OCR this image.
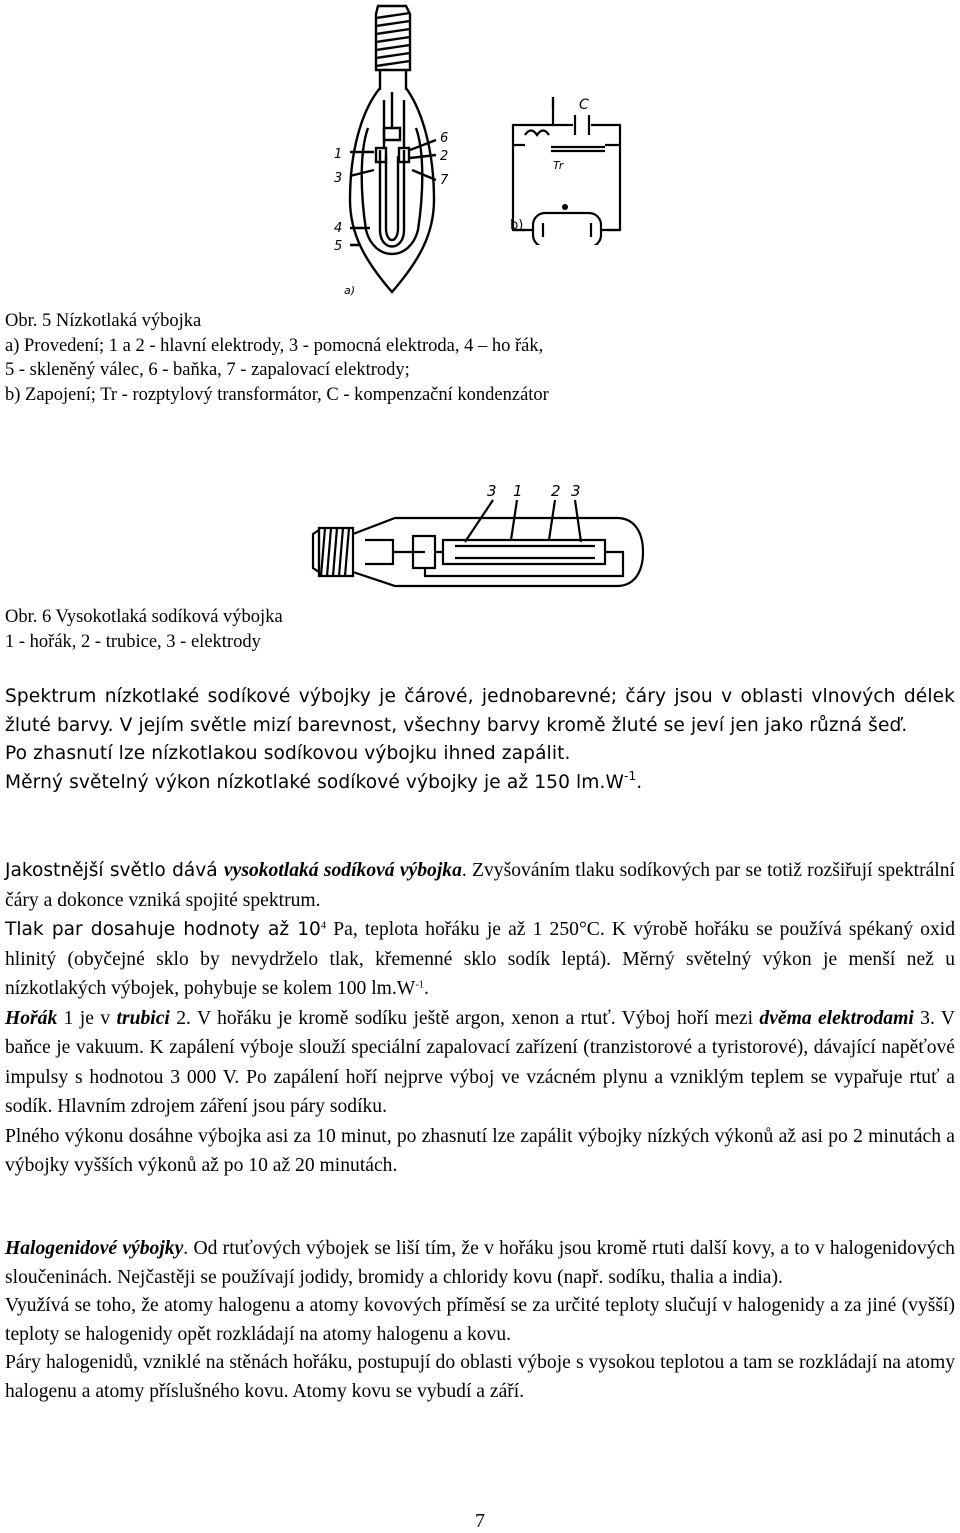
1
3
4
5
6
2
7
a)
C
Tr
b)
Obr. 5 Nízkotlaká výbojka
a) Provedení; 1 a 2 - hlavní elektrody, 3 - pomocná elektroda, 4 – ho řák,
5 - skleněný válec, 6 - baňka, 7 - zapalovací elektrody;
b) Zapojení; Tr - rozptylový transformátor, C - kompenzační kondenzátor
3 1 2 3
Obr. 6 Vysokotlaká sodíková výbojka
1 - hořák, 2 - trubice, 3 - elektrody

Spektrum nízkotlaké sodíkové výbojky je čárové, jednobarevné; čáry jsou v oblasti vlnových délek žluté barvy. V jejím světle mizí barevnost, všechny barvy kromě žluté se jeví jen jako různá šeď.

Po zhasnutí lze nízkotlakou sodíkovou výbojku ihned zapálit.

Měrný světelný výkon nízkotlaké sodíkové výbojky je až 150 $lm.W^{-1}$.

Jakostnější světlo dává vysokotlaká sodíková výbojka. Zvyšováním tlaku sodíkových par se totiž rozšiřují spektrální čáry a dokonce vzniká spojité spektrum.

Tlak par dosahuje hodnoty až $10^4$ Pa, teplota hořáku je až 1 250°C. K výrobě hořáku se používá spékaný oxid hlinitý (obyčejné sklo by nevydrželo tlak, křemenné sklo sodík leptá). Měrný světelný výkon je menší než u nízkotlakých výbojek, pohybuje se kolem 100 $lm.W^{-1}$.

Hořák 1 je v trubici 2. V hořáku je kromě sodíku ještě argon, xenon a rtuť. Výboj hoří mezi dvěma elektrodami 3. V baňce je vakuum. K zapálení výboje slouží speciální zapalovací zařízení (tranzistorové a tyristorové), dávající napěťové impulsy s hodnotou 3 000 V. Po zapálení hoří nejprve výboj ve vzácném plynu a vzniklým teplem se vypařuje rtuť a sodík. Hlavním zdrojem záření jsou páry sodíku.

Plného výkonu dosáhne výbojka asi za 10 minut, po zhasnutí lze zapálit výbojky nízkých výkonů až asi po 2 minutách a výbojky vyšších výkonů až po 10 až 20 minutách.

Halogenidové výbojky. Od rtuťových výbojek se liší tím, že v hořáku jsou kromě rtuti další kovy, a to v halogenidových sloučeninách. Nejčastěji se používají jodidy, bromidy a chloridy kovu (např. sodíku, thalia a india).

Využívá se toho, že atomy halogenu a atomy kovových příměsí se za určité teploty slučují v halogenidy a za jiné (vyšší) teploty se halogenidy opět rozkládají na atomy halogenu a kovu.

Páry halogenidů, vzniklé na stěnách hořáku, postupují do oblasti výboje s vysokou teplotou a tam se rozkládají na atomy halogenu a atomy příslušného kovu. Atomy kovu se vybudí a září.

7
